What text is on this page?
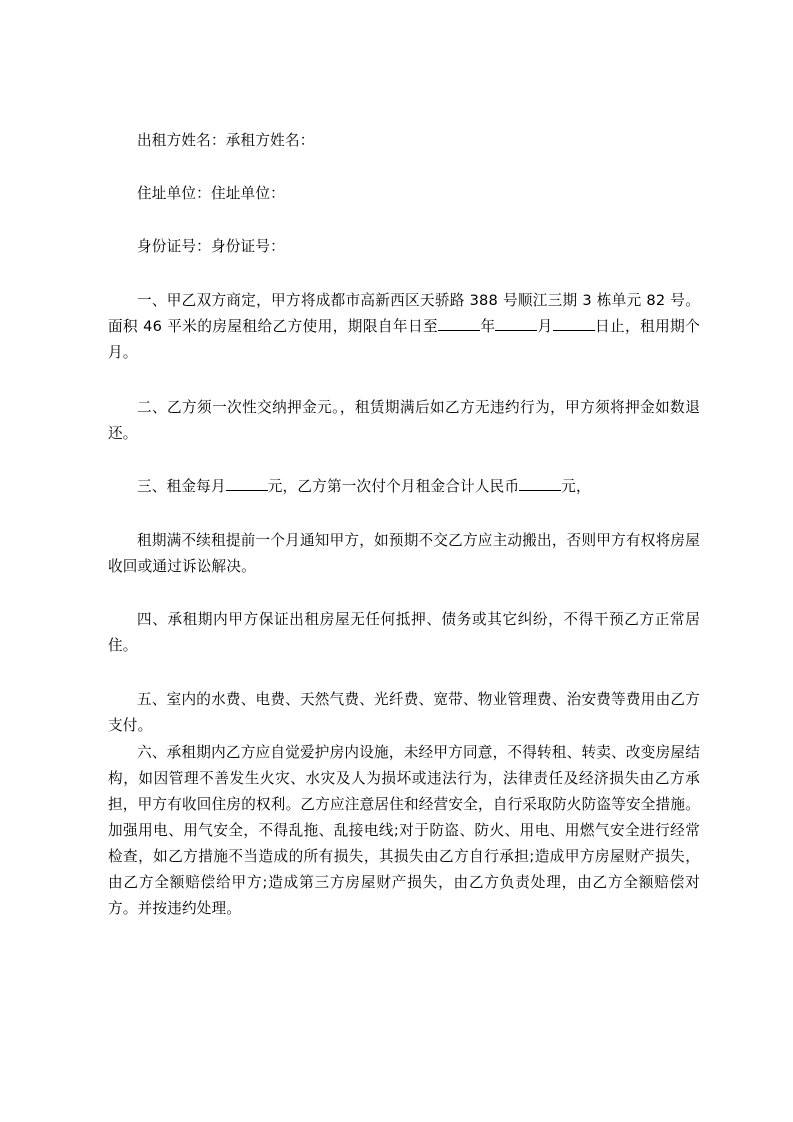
出租方姓名：承租方姓名：

住址单位：住址单位：

身份证号：身份证号：

一、甲乙双方商定，甲方将成都市高新西区天骄路 388 号顺江三期 3 栋单元 82 号。面积 46 平米的房屋租给乙方使用，期限自年日至	年	月	日止，租用期个月。

二、乙方须一次性交纳押金元。，租赁期满后如乙方无违约行为，甲方须将押金如数退还。

三、租金每月	元，乙方第一次付个月租金合计人民币	元，

租期满不续租提前一个月通知甲方，如预期不交乙方应主动搬出，否则甲方有权将房屋收回或通过诉讼解决。

四、承租期内甲方保证出租房屋无任何抵押、债务或其它纠纷，不得干预乙方正常居住。

五、室内的水费、电费、天然气费、光纤费、宽带、物业管理费、治安费等费用由乙方支付。

六、承租期内乙方应自觉爱护房内设施，未经甲方同意，不得转租、转卖、改变房屋结构，如因管理不善发生火灾、水灾及人为损坏或违法行为，法律责任及经济损失由乙方承担，甲方有收回住房的权利。乙方应注意居住和经营安全，自行采取防火防盗等安全措施。加强用电、用气安全，不得乱拖、乱接电线;对于防盗、防火、用电、用燃气安全进行经常检查，如乙方措施不当造成的所有损失，其损失由乙方自行承担;造成甲方房屋财产损失，由乙方全额赔偿给甲方;造成第三方房屋财产损失，由乙方负责处理，由乙方全额赔偿对方。并按违约处理。
